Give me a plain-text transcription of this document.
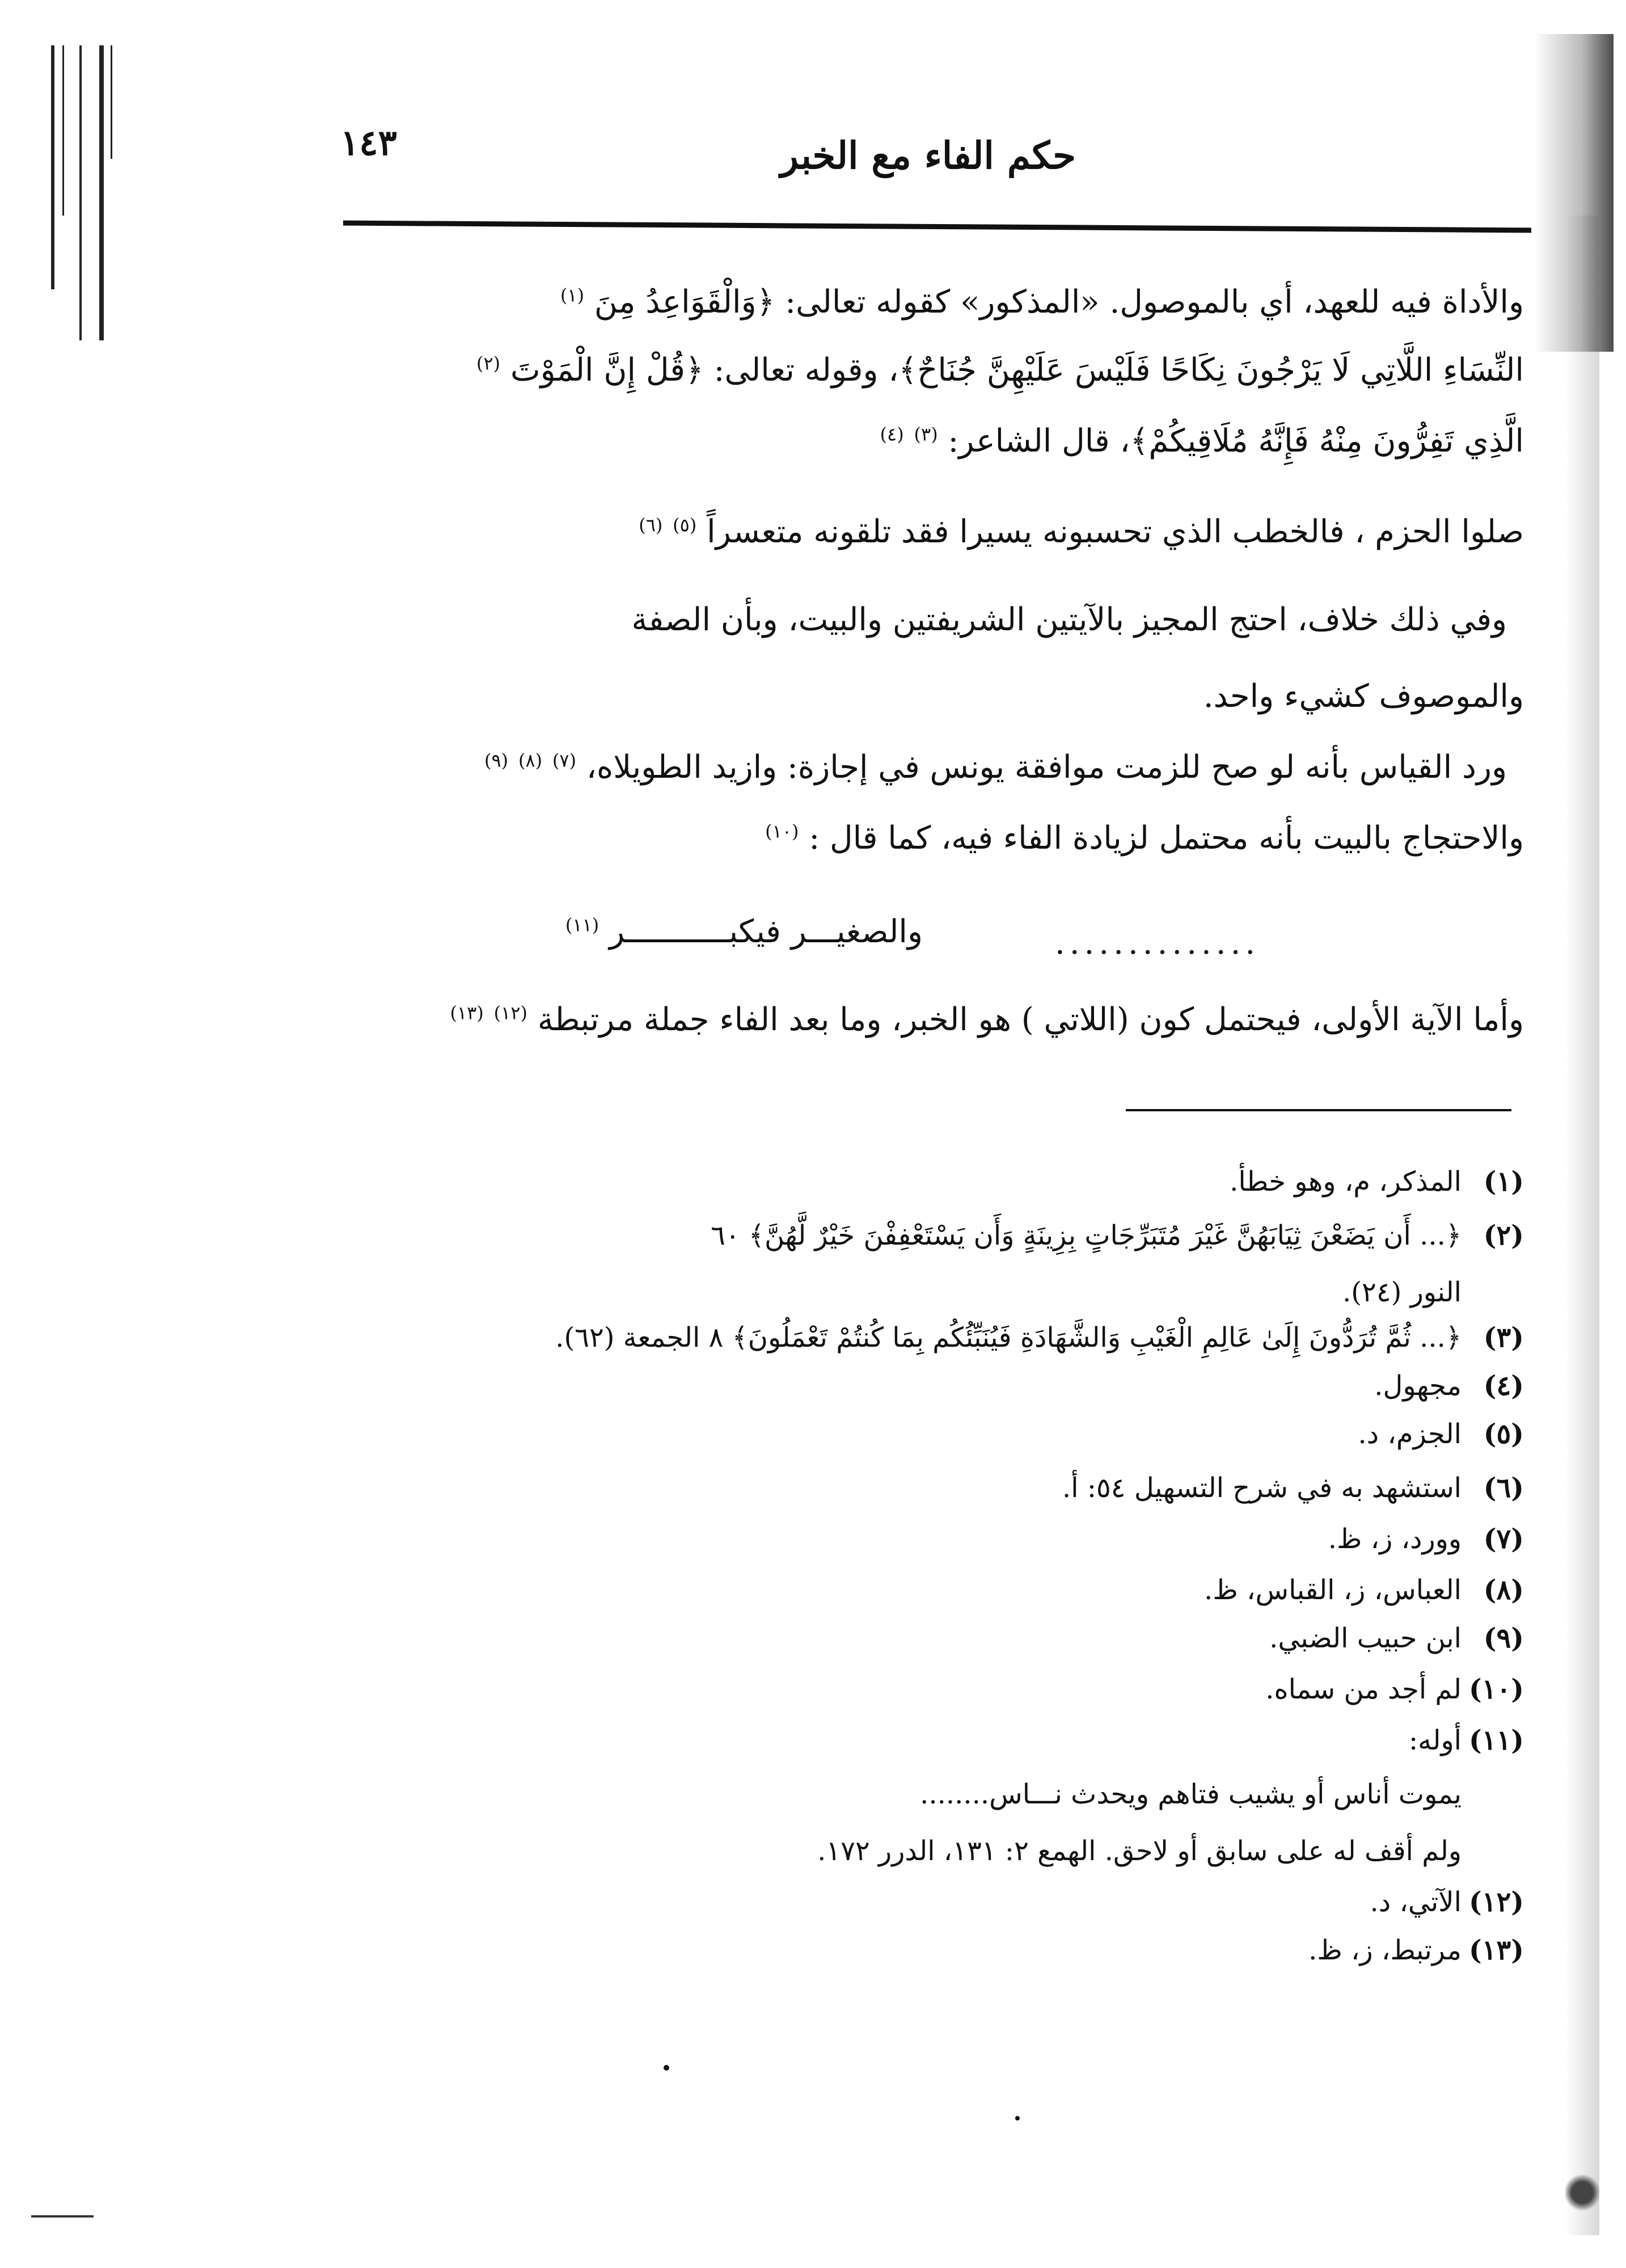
١٤٣	حكم الفاء مع الخبر
والأداة فيه للعهد، أي بالموصول. «المذكور» كقوله تعالى: ﴿وَالْقَوَاعِدُ مِنَ $^{(١)}$
النِّسَاءِ اللَّاتِي لَا يَرْجُونَ نِكَاحًا فَلَيْسَ عَلَيْهِنَّ جُنَاحٌ﴾، وقوله تعالى: ﴿قُلْ إِنَّ الْمَوْتَ $^{(٢)}$
الَّذِي تَفِرُّونَ مِنْهُ فَإِنَّهُ مُلَاقِيكُمْ﴾، قال الشاعر: $^{(٣)}$ $^{(٤)}$
صلوا الحزم ، فالخطب الذي تحسبونه يسيرا فقد تلقونه متعسراً $^{(٥)}$ $^{(٦)}$
وفي ذلك خلاف، احتج المجيز بالآيتين الشريفتين والبيت، وبأن الصفة
والموصوف كشيء واحد.
ورد القياس بأنه لو صح للزمت موافقة يونس في إجازة: وازيد الطويلاه، $^{(٧)}$ $^{(٨)}$ $^{(٩)}$
والاحتجاج بالبيت بأنه محتمل لزيادة الفاء فيه، كما قال : $^{(١٠)}$
والصغيـــر فيكبـــــــــــر $^{(١١)}$	..............
وأما الآية الأولى، فيحتمل كون (اللاتي ) هو الخبر، وما بعد الفاء جملة مرتبطة $^{(١٢)}$ $^{(١٣)}$
(١)المذكر، م، وهو خطأ.
(٢)﴿... أَن يَضَعْنَ ثِيَابَهُنَّ غَيْرَ مُتَبَرِّجَاتٍ بِزِينَةٍ وَأَن يَسْتَعْفِفْنَ خَيْرٌ لَّهُنَّ﴾ ٦٠
النور (٢٤).
(٣)﴿... ثُمَّ تُرَدُّونَ إِلَىٰ عَالِمِ الْغَيْبِ وَالشَّهَادَةِ فَيُنَبِّئُكُم بِمَا كُنتُمْ تَعْمَلُونَ﴾ ٨ الجمعة (٦٢).
(٤)مجهول.
(٥)الجزم، د.
(٦)استشهد به في شرح التسهيل ٥٤: أ.
(٧)وورد، ز، ظ.
(٨)العباس، ز، القباس، ظ.
(٩)ابن حبيب الضبي.
(١٠)لم أجد من سماه.
(١١)أوله:
يموت أناس أو يشيب فتاهم ويحدث نـــاس........
ولم أقف له على سابق أو لاحق. الهمع ٢: ١٣١، الدرر ١٧٢.
(١٢)الآتي، د.
(١٣)مرتبط، ز، ظ.
